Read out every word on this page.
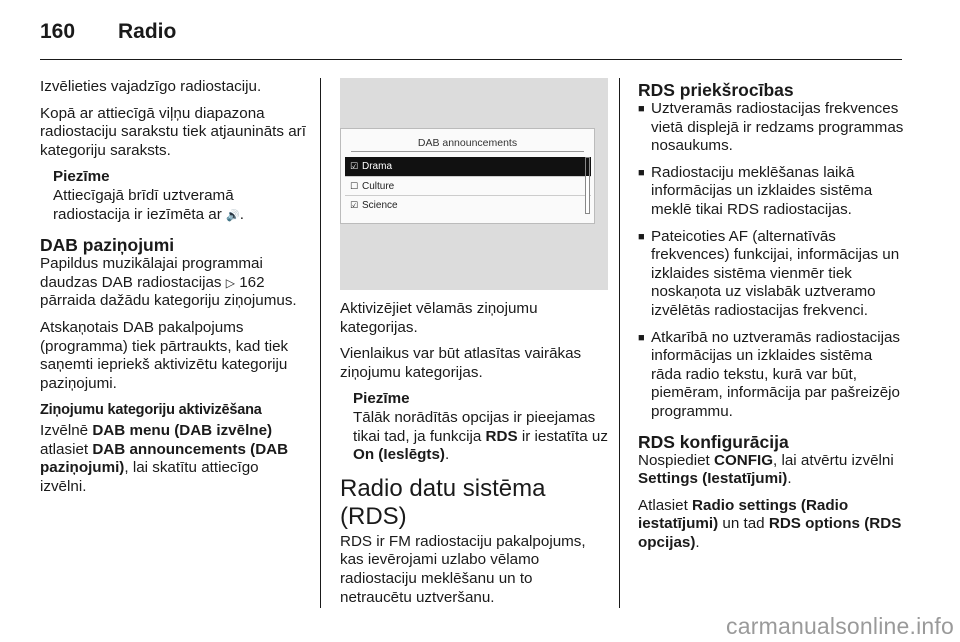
160	Radio

Izvēlieties vajadzīgo radiostaciju.

Kopā ar attiecīgā viļņu diapazona radiostaciju sarakstu tiek atjaunināts arī kategoriju saraksts.

Piezīme
Attiecīgajā brīdī uztveramā radiostacija ir iezīmēta ar 🔊.
DAB paziņojumi

Papildus muzikālajai programmai daudzas DAB radiostacijas ▷ 162 pārraida dažādu kategoriju ziņojumus.

Atskaņotais DAB pakalpojums (programma) tiek pārtraukts, kad tiek saņemti iepriekš aktivizētu kategoriju paziņojumi.

Ziņojumu kategoriju aktivizēšana

Izvēlnē DAB menu (DAB izvēlne) atlasiet DAB announcements (DAB paziņojumi), lai skatītu attiecīgo izvēlni.

DAB announcements
☑ Drama
☐ Culture
☑ Science

Aktivizējiet vēlamās ziņojumu kategorijas.

Vienlaikus var būt atlasītas vairākas ziņojumu kategorijas.

Piezīme
Tālāk norādītās opcijas ir pieejamas tikai tad, ja funkcija RDS ir iestatīta uz On (Ieslēgts).
Radio datu sistēma (RDS)

RDS ir FM radiostaciju pakalpojums, kas ievērojami uzlabo vēlamo radiostaciju meklēšanu un to netraucētu uztveršanu.

RDS priekšrocības
■ Uztveramās radiostacijas frekvences vietā displejā ir redzams programmas nosaukums.
■ Radiostaciju meklēšanas laikā informācijas un izklaides sistēma meklē tikai RDS radiostacijas.
■ Pateicoties AF (alternatīvās frekvences) funkcijai, informācijas un izklaides sistēma vienmēr tiek noskaņota uz vislabāk uztveramo izvēlētās radiostacijas frekvenci.
■ Atkarībā no uztveramās radiostacijas informācijas un izklaides sistēma rāda radio tekstu, kurā var būt, piemēram, informācija par pašreizējo programmu.
RDS konfigurācija

Nospiediet CONFIG, lai atvērtu izvēlni Settings (Iestatījumi).

Atlasiet Radio settings (Radio iestatījumi) un tad RDS options (RDS opcijas).

carmanualsonline.info
